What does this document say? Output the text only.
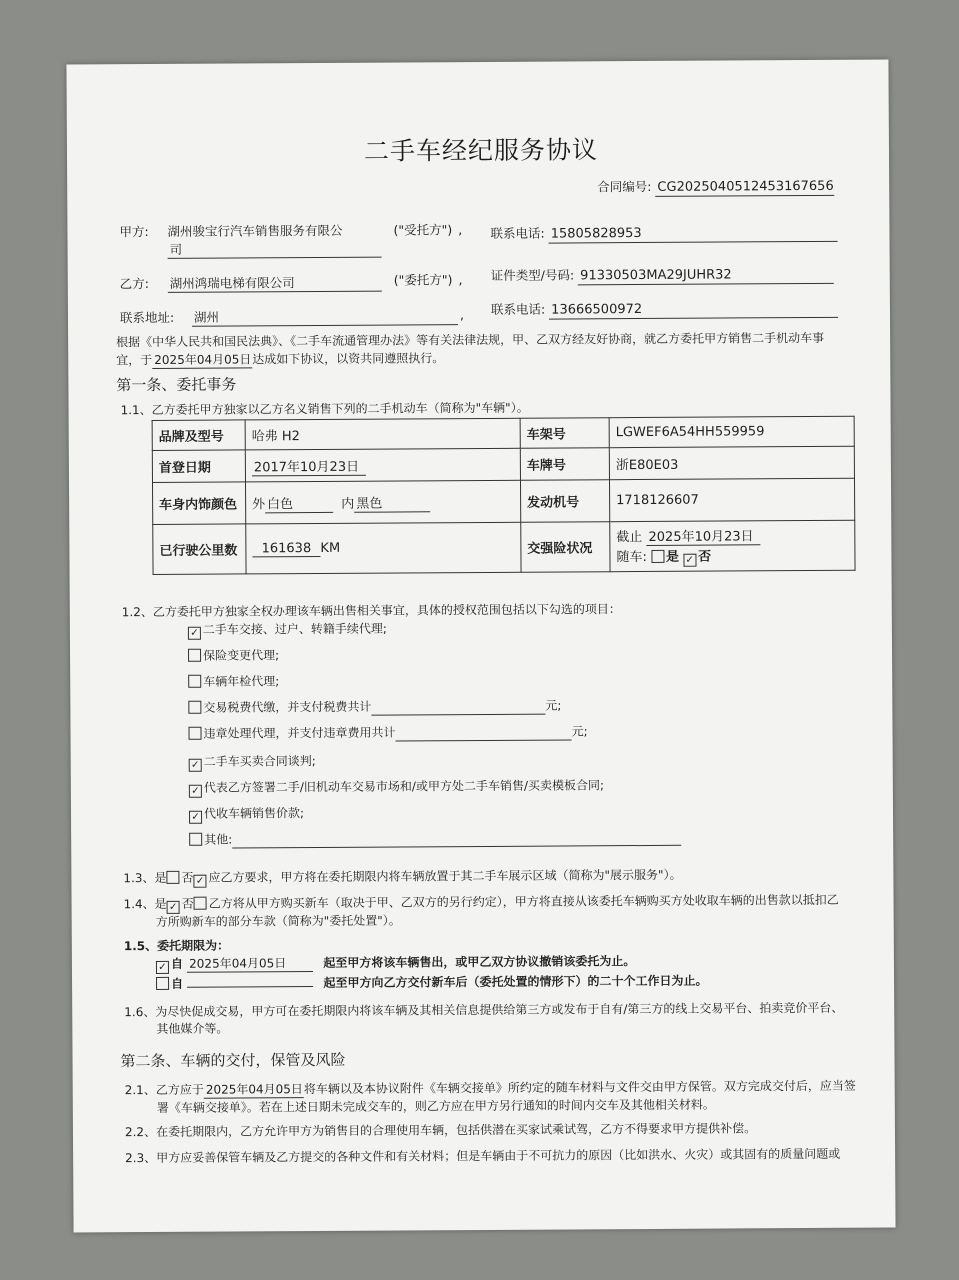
二手车经纪服务协议
合同编号: CG20250405124531676​56
甲方: 湖州骏宝行汽车销售服务有限公
司
("受托方") , 联系电话: 15805828953
乙方: 湖州鸿瑞电梯有限公司	("委托方") , 证件类型/号码: 91330503MA29JUHR32
联系地址: 湖州	, 联系电话: 13666500972
根据《中华人民共和国民法典》、《二手车流通管理办法》等有关法律法规，甲、乙双方经友好协商，就乙方委托甲方销售二手机动车事
宜，于 2025年04月05日达成如下协议，以资共同遵照执行。
第一条、委托事务
1.1、乙方委托甲方独家以乙方名义销售下列的二手机动车（简称为"车辆"）。
品牌及型号	哈弗 H2	车架号	LGWEF6A54HH559959
首登日期	2017年10月23日	车牌号	浙E80E03
车身内饰颜色	外 白色 内 黑色	发动机号	1718126607
已行驶公里数	161638 KM	交强险状况	截止 2025年10月23日
随车: 是 ✓ 否
1.2、乙方委托甲方独家全权办理该车辆出售相关事宜，具体的授权范围包括以下勾选的项目：
1.3、是 否 ✓ 应乙方要求，甲方将在委托期限内将车辆放置于其二手车展示区域（简称为"展示服务"）。
1.4、是 ✓ 否 乙方将从甲方购买新车（取决于甲、乙双方的另行约定），甲方将直接从该委托车辆购买方处收取车辆的出售款以抵扣乙
方所购新车的部分车款（简称为"委托处置"）。
1.5、委托期限为：
✓ 自 2025年04月05日	起至甲方将该车辆售出，或甲乙双方协议撤销该委托为止。
自	起至甲方向乙方交付新车后（委托处置的情形下）的二十个工作日为止。
1.6、为尽快促成交易，甲方可在委托期限内将该车辆及其相关信息提供给第三方或发布于自有/第三方的线上交易平台、拍卖竞价平台、
其他媒介等。
第二条、车辆的交付，保管及风险
2.1、乙方应于 2025年04月05日将车辆以及本协议附件《车辆交接单》所约定的随车材料与文件交由甲方保管。双方完成交付后，应当签
署《车辆交接单》。若在上述日期未完成交车的，则乙方应在甲方另行通知的时间内交车及其他相关材料。
2.2、在委托期限内，乙方允许甲方为销售目的合理使用车辆，包括供潜在买家试乘试驾，乙方不得要求甲方提供补偿。
2.3、甲方应妥善保管车辆及乙方提交的各种文件和有关材料；但是车辆由于不可抗力的原因（比如洪水、火灾）或其固有的质量问题或
✓ 二手车交接、过户、转籍手续代理;
保险变更代理;
车辆年检代理;
交易税费代缴，并支付税费共计	元;
违章处理代理，并支付违章费用共计	元;
✓ 二手车买卖合同谈判;
✓ 代表乙方签署二手/旧机动车交易市场和/或甲方处二手车销售/买卖模板合同;
✓ 代收车辆销售价款;
其他:
